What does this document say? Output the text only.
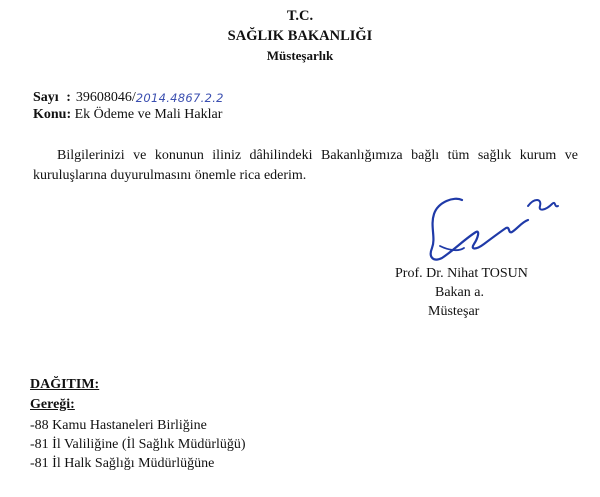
T.C.
SAĞLIK BAKANLIĞI
Müsteşarlık
Sayı : 39608046/2014.4867.2.2
Konu: Ek Ödeme ve Mali Haklar
Bilgilerinizi ve konunun iliniz dâhilindeki Bakanlığımıza bağlı tüm sağlık kurum ve kuruluşlarına duyurulmasını önemle rica ederim.
Prof. Dr. Nihat TOSUN
Bakan a.
Müsteşar
DAĞITIM:
Gereği:
-88 Kamu Hastaneleri Birliğine
-81 İl Valiliğine (İl Sağlık Müdürlüğü)
-81 İl Halk Sağlığı Müdürlüğüne
